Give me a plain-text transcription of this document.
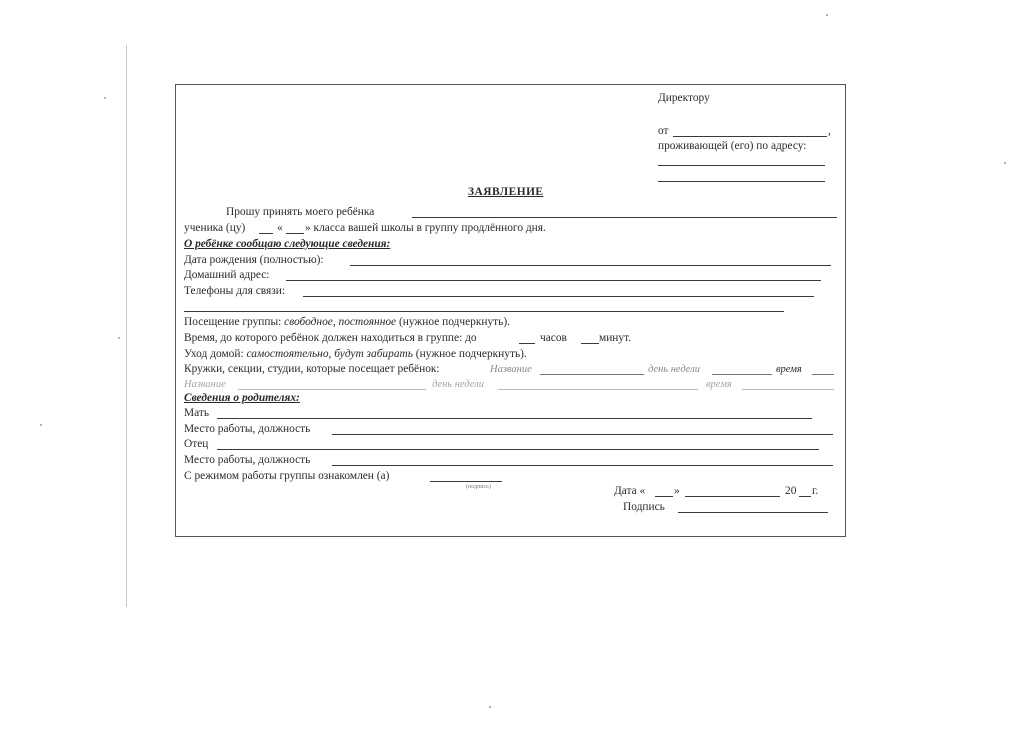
Директору
от	,
проживающей (его) по адресу:
ЗАЯВЛЕНИЕ
Прошу принять моего ребёнка
ученика (цу)	« » класса вашей школы в группу продлённого дня.
О ребёнке сообщаю следующие сведения:
Дата рождения (полностью):
Домашний адрес:
Телефоны для связи:
Посещение группы: свободное, постоянное (нужное подчеркнуть).
Время, до которого ребёнок должен находиться в группе: до	часов	минут.
Уход домой: самостоятельно, будут забирать (нужное подчеркнуть).
Кружки, секции, студии, которые посещает ребёнок:	Название	день недели	время
Название	день недели	время
Сведения о родителях:
Мать
Место работы, должность
Отец
Место работы, должность
С режимом работы группы ознакомлен (а)
(подпись)	Дата «	»	20 г.
Подпись
